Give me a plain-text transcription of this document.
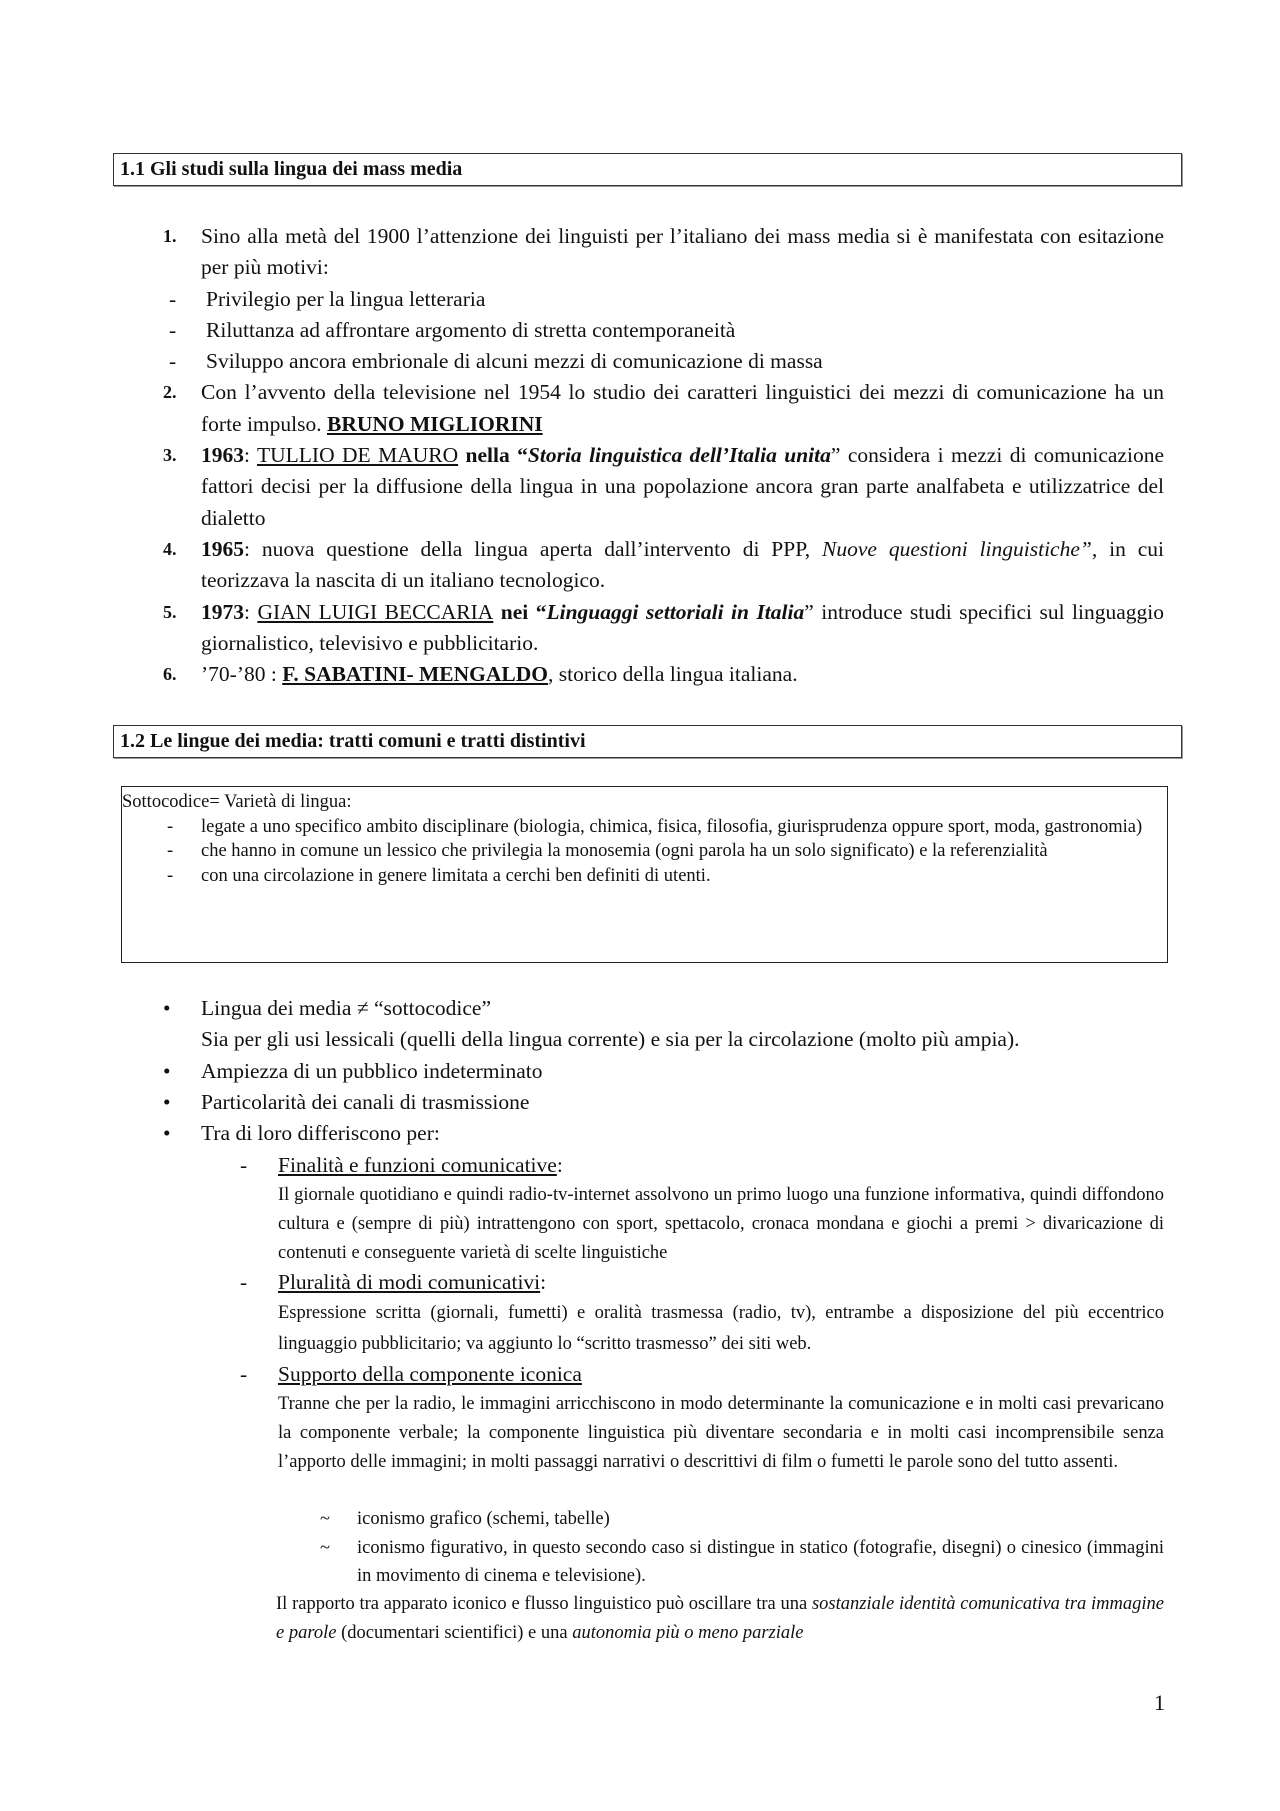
1.1 Gli studi sulla lingua dei mass media
1. Sino alla metà del 1900 l’attenzione dei linguisti per l’italiano dei mass media si è manifestata con esitazione per più motivi:
- Privilegio per la lingua letteraria
- Riluttanza ad affrontare argomento di stretta contemporaneità
- Sviluppo ancora embrionale di alcuni mezzi di comunicazione di massa
2. Con l’avvento della televisione nel 1954 lo studio dei caratteri linguistici dei mezzi di comunicazione ha un forte impulso. BRUNO MIGLIORINI
3. 1963: TULLIO DE MAURO nella “Storia linguistica dell’Italia unita” considera i mezzi di comunicazione fattori decisi per la diffusione della lingua in una popolazione ancora gran parte analfabeta e utilizzatrice del dialetto
4. 1965: nuova questione della lingua aperta dall’intervento di PPP, Nuove questioni linguistiche”, in cui teorizzava la nascita di un italiano tecnologico.
5. 1973: GIAN LUIGI BECCARIA nei “Linguaggi settoriali in Italia” introduce studi specifici sul linguaggio giornalistico, televisivo e pubblicitario.
6. ’70-’80 : F. SABATINI- MENGALDO, storico della lingua italiana.
1.2 Le lingue dei media: tratti comuni e tratti distintivi
Sottocodice= Varietà di lingua:
- legate a uno specifico ambito disciplinare (biologia, chimica, fisica, filosofia, giurisprudenza oppure sport, moda, gastronomia)
- che hanno in comune un lessico che privilegia la monosemia (ogni parola ha un solo significato) e la referenzialità
- con una circolazione in genere limitata a cerchi ben definiti di utenti.
• Lingua dei media ≠ “sottocodice”
Sia per gli usi lessicali (quelli della lingua corrente) e sia per la circolazione (molto più ampia).
• Ampiezza di un pubblico indeterminato
• Particolarità dei canali di trasmissione
• Tra di loro differiscono per:
- Finalità e funzioni comunicative:
Il giornale quotidiano e quindi radio-tv-internet assolvono un primo luogo una funzione informativa, quindi diffondono cultura e (sempre di più) intrattengono con sport, spettacolo, cronaca mondana e giochi a premi > divaricazione di contenuti e conseguente varietà di scelte linguistiche
- Pluralità di modi comunicativi:
Espressione scritta (giornali, fumetti) e oralità trasmessa (radio, tv), entrambe a disposizione del più eccentrico linguaggio pubblicitario; va aggiunto lo “scritto trasmesso” dei siti web.
- Supporto della componente iconica
Tranne che per la radio, le immagini arricchiscono in modo determinante la comunicazione e in molti casi prevaricano la componente verbale; la componente linguistica più diventare secondaria e in molti casi incomprensibile senza l’apporto delle immagini; in molti passaggi narrativi o descrittivi di film o fumetti le parole sono del tutto assenti.
~ iconismo grafico (schemi, tabelle)
~ iconismo figurativo, in questo secondo caso si distingue in statico (fotografie, disegni) o cinesico (immagini in movimento di cinema e televisione).
Il rapporto tra apparato iconico e flusso linguistico può oscillare tra una sostanziale identità comunicativa tra immagine e parole (documentari scientifici) e una autonomia più o meno parziale
1
